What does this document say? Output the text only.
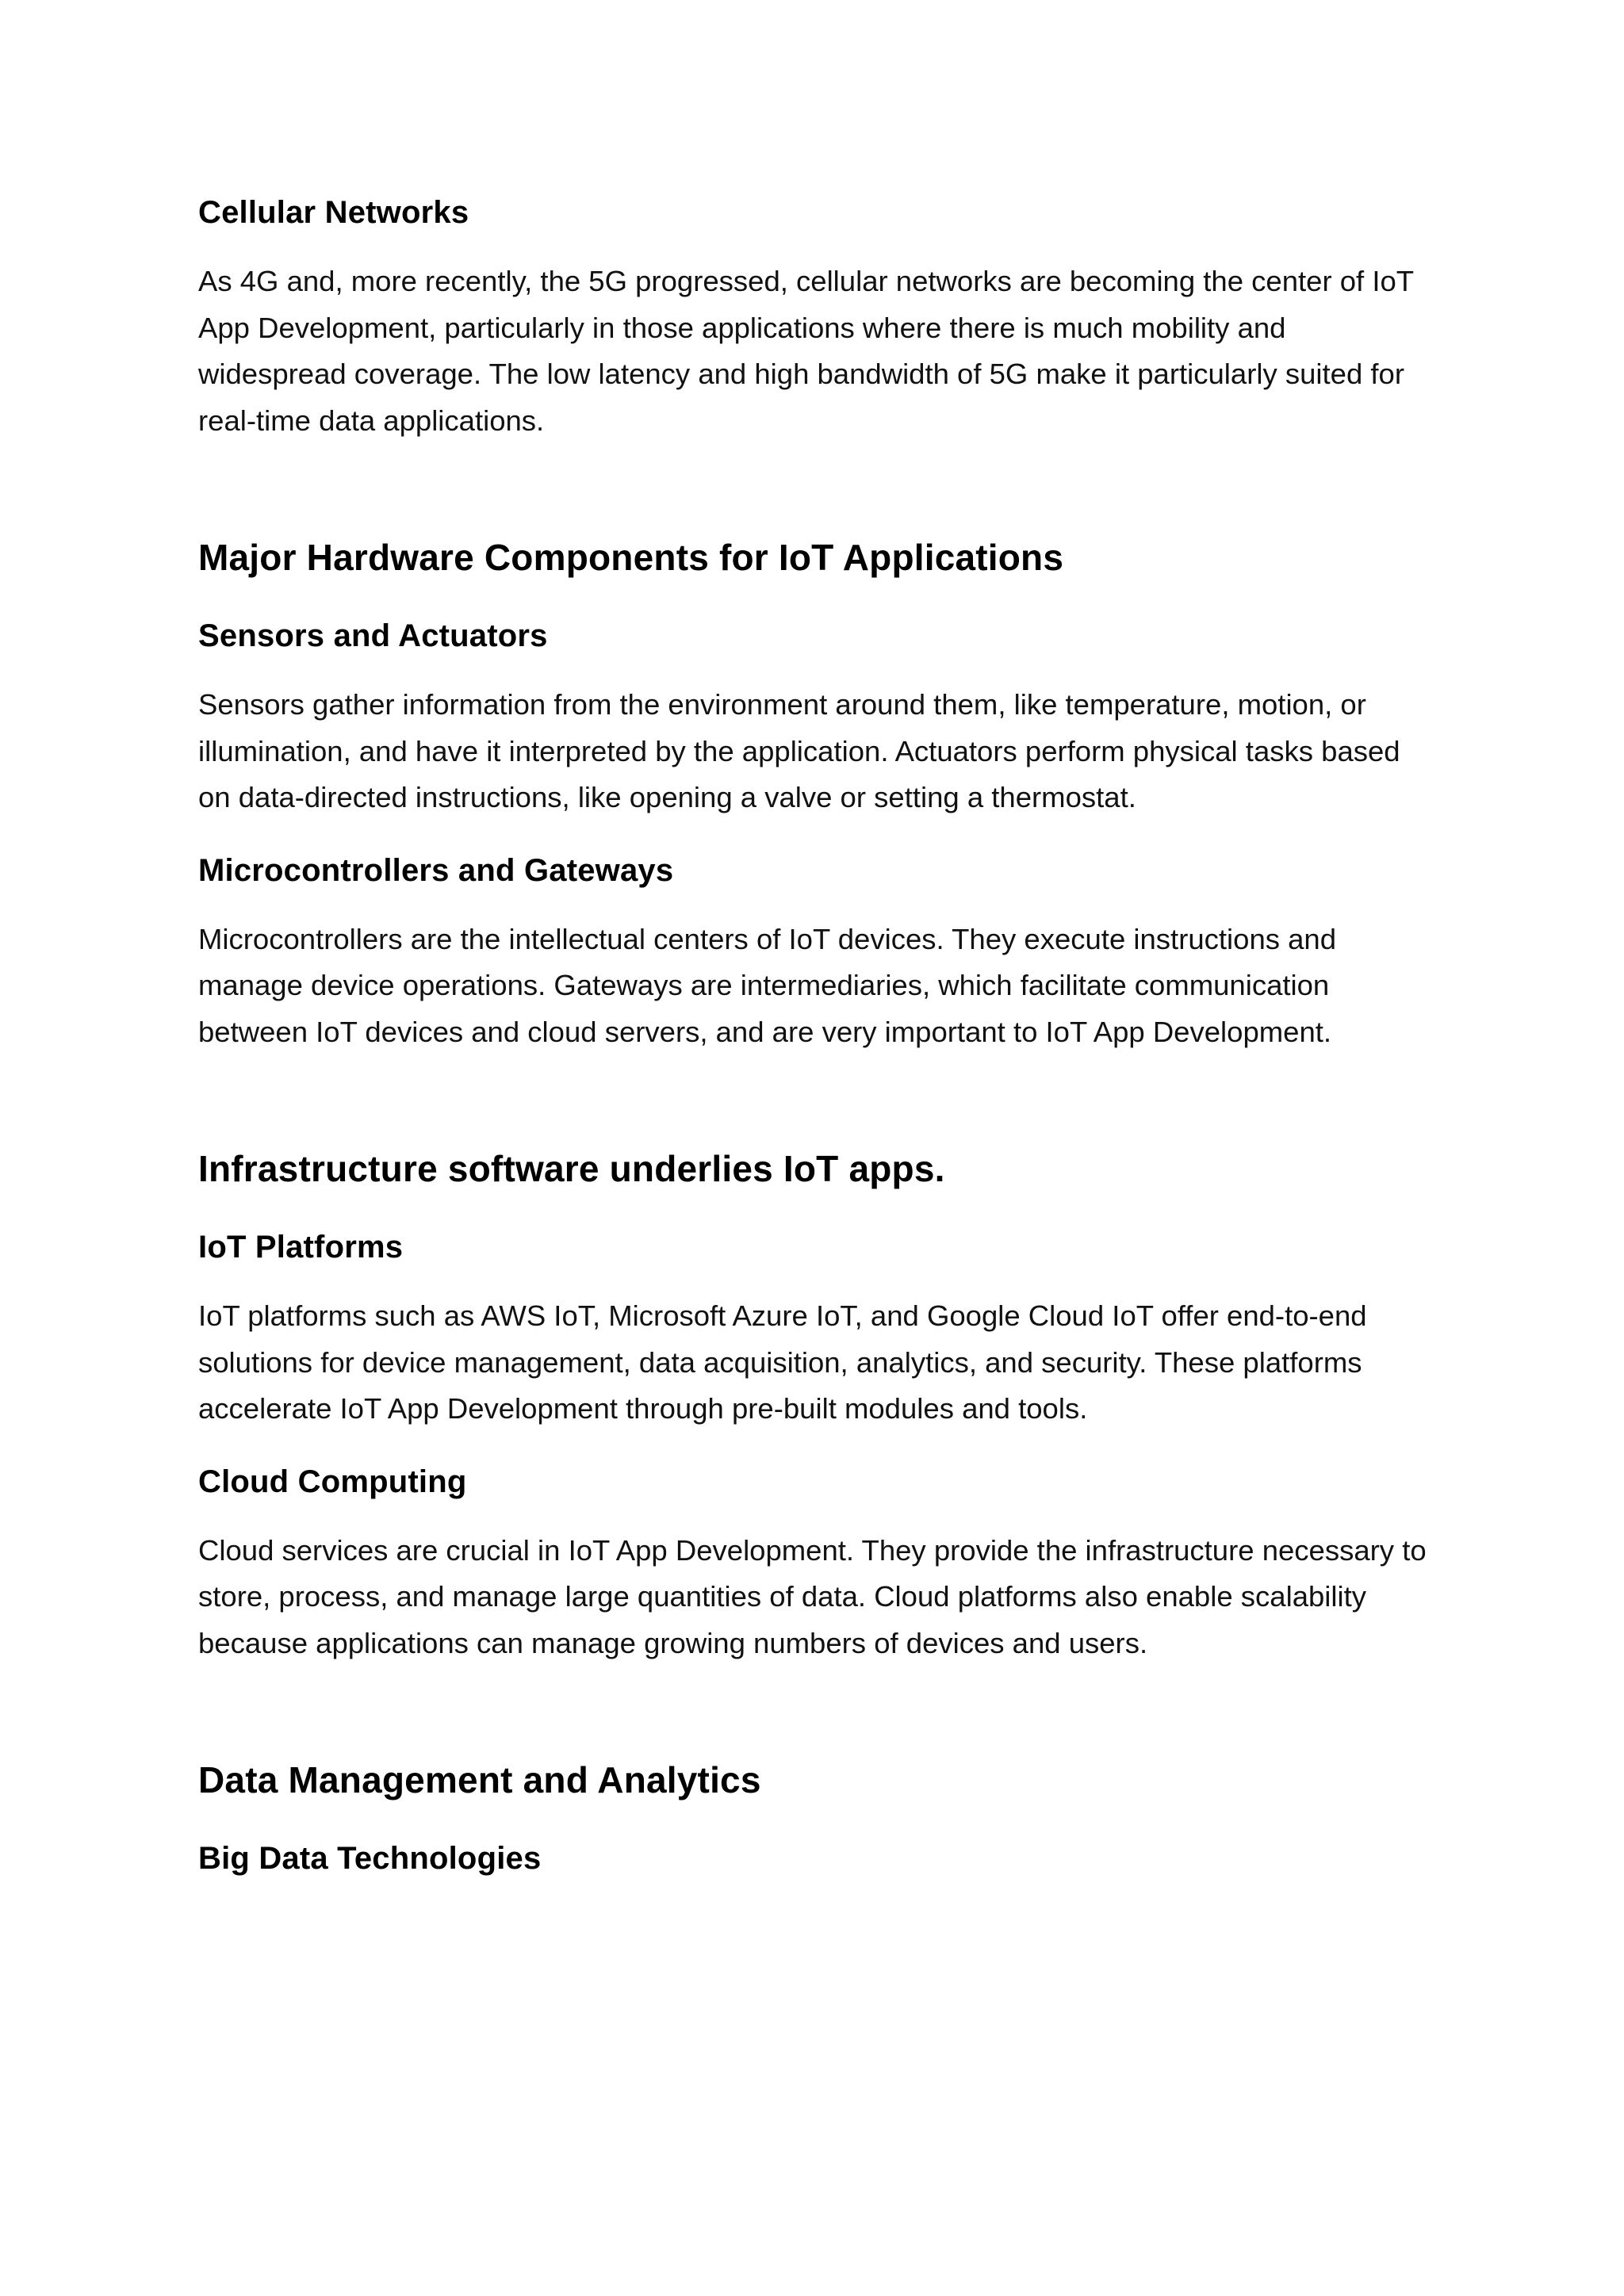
Cellular Networks

As 4G and, more recently, the 5G progressed, cellular networks are becoming the center of IoT App Development, particularly in those applications where there is much mobility and widespread coverage. The low latency and high bandwidth of 5G make it particularly suited for real-time data applications.

Major Hardware Components for IoT Applications
Sensors and Actuators

Sensors gather information from the environment around them, like temperature, motion, or illumination, and have it interpreted by the application. Actuators perform physical tasks based on data-directed instructions, like opening a valve or setting a thermostat.

Microcontrollers and Gateways

Microcontrollers are the intellectual centers of IoT devices. They execute instructions and manage device operations. Gateways are intermediaries, which facilitate communication between IoT devices and cloud servers, and are very important to IoT App Development.

Infrastructure software underlies IoT apps.
IoT Platforms

IoT platforms such as AWS IoT, Microsoft Azure IoT, and Google Cloud IoT offer end-to-end solutions for device management, data acquisition, analytics, and security. These platforms accelerate IoT App Development through pre-built modules and tools.

Cloud Computing

Cloud services are crucial in IoT App Development. They provide the infrastructure necessary to store, process, and manage large quantities of data. Cloud platforms also enable scalability because applications can manage growing numbers of devices and users.

Data Management and Analytics
Big Data Technologies
